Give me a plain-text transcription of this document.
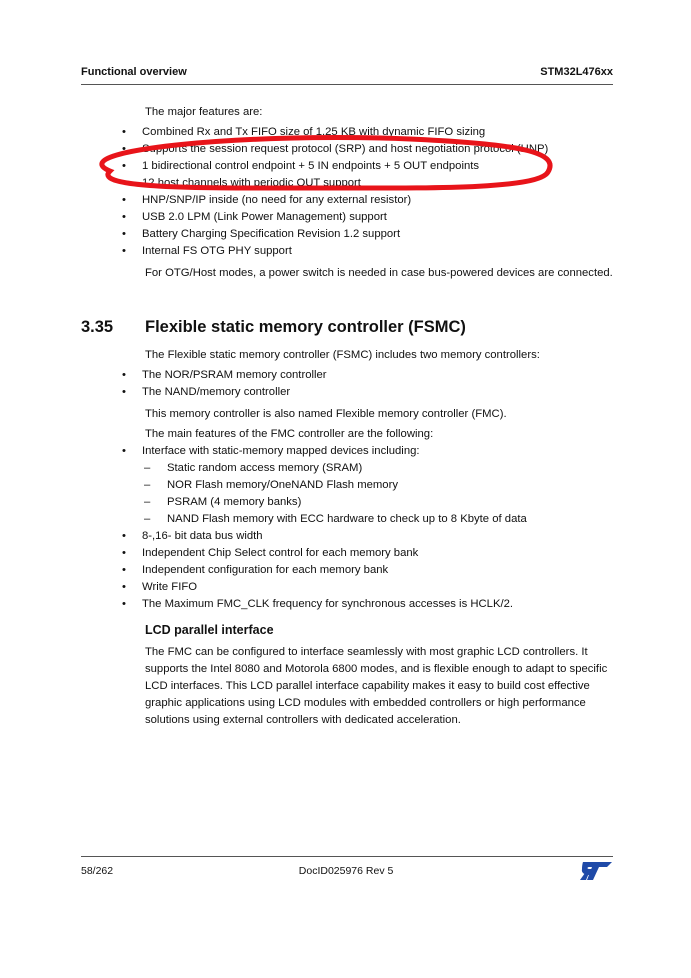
Functional overview	STM32L476xx

The major features are:

•	Combined Rx and Tx FIFO size of 1.25 KB with dynamic FIFO sizing
•	Supports the session request protocol (SRP) and host negotiation protocol (HNP)
•	1 bidirectional control endpoint + 5 IN endpoints + 5 OUT endpoints
•	12 host channels with periodic OUT support
•	HNP/SNP/IP inside (no need for any external resistor)
•	USB 2.0 LPM (Link Power Management) support
•	Battery Charging Specification Revision 1.2 support
•	Internal FS OTG PHY support

For OTG/Host modes, a power switch is needed in case bus-powered devices are connected.

3.35	Flexible static memory controller (FSMC)

The Flexible static memory controller (FSMC) includes two memory controllers:

•	The NOR/PSRAM memory controller
•	The NAND/memory controller

This memory controller is also named Flexible memory controller (FMC).

The main features of the FMC controller are the following:

•	Interface with static-memory mapped devices including:
– Static random access memory (SRAM)
– NOR Flash memory/OneNAND Flash memory
– PSRAM (4 memory banks)
– NAND Flash memory with ECC hardware to check up to 8 Kbyte of data
•	8-,16- bit data bus width
•	Independent Chip Select control for each memory bank
•	Independent configuration for each memory bank
•	Write FIFO
•	The Maximum FMC_CLK frequency for synchronous accesses is HCLK/2.
LCD parallel interface

The FMC can be configured to interface seamlessly with most graphic LCD controllers. It supports the Intel 8080 and Motorola 6800 modes, and is flexible enough to adapt to specific LCD interfaces. This LCD parallel interface capability makes it easy to build cost effective graphic applications using LCD modules with embedded controllers or high performance solutions using external controllers with dedicated acceleration.

58/262	DocID025976 Rev 5
